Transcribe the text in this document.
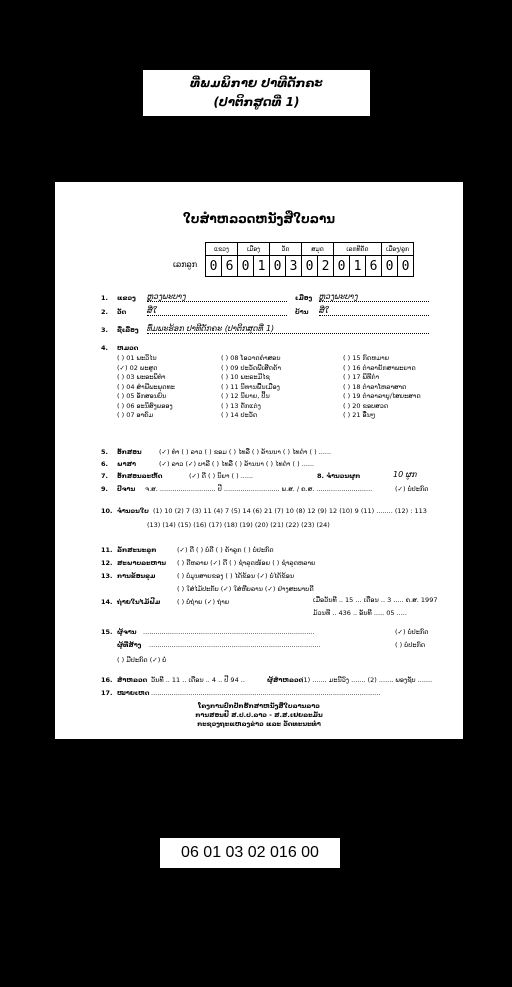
ທີ່ພມພິກາຍ ປາທີດັກຄະ
(ປາຕິກສູດທີ່ 1)
ໃບສຳຫລວດຫນັງສືໃບລານ
ເລກລູກ
ແຂວງ		ເມືອງ		ວັດ		ສມຸດ		ເລກທີດັດ			ເມື່ອງ/ລູກ	
0	6	0	1	0	3	0	2	0	1	6	0	0
1. ແຂວງ ຫຼວງພະບາງ	ເມືອງ ຫຼວງພະບາງ
2. ວັດ	ສີ່ໃ	ບ້ານ ສີ່ໃ
3. ຊື່ເລື່ອງ ທົ່ມພະຮ້ອກ ປາທີດັກຄະ (ປາຕິກສູດທີ່ 1)
4. ຫມວດ
( ) 01 ພະວິໄນ
(✓) 02 ພະສູດ
( ) 03 ພະອະພິທຳ
( ) 04 ສໍາພີພະພຸດທະ
( ) 05 ອັກສອນບົນ
( ) 06 ອະນິສົງພອອງ
( ) 07 ອາຄົມ
( ) 08 ໂອວາດຄໍາສອນ
( ) 09 ປະວັດພີເສີດຄ້າ
( ) 10 ພະຣະມີໄຊ
( ) 11 ນິທານພື້ນເມືອງ
( ) 12 ນິຍາຍ, ປິ້ນ
( ) 13 ດັກແຕ່ງ
( ) 14 ປະວັດ
( ) 15 ກົດຫມາຍ
( ) 16 ຕໍາລາຍັກສາພະຍາດ
( ) 17 ພິທີກໍາ
( ) 18 ຕໍາລາໂຫລາສາດ
( ) 19 ຕໍາລາລາບູ/ໄສຍະສາດ
( ) 20 ຂອບສວດ
( ) 21 ອື່ນໆ
5. ອັກສອນ	(✓) ທໍາ ( ) ລາວ ( ) ຂອມ ( ) ໄທລື ( ) ລ້ານນາ ( ) ໄທດໍາ ( ) ......
6. ພາສາ	(✓) ລາວ (✓) ບາລີ ( ) ໄທລື ( ) ລ້ານນາ ( ) ໄທດໍາ ( ) ......
7. ອັກສອນລະຫັດ	(✓) ດີ ( ) ນິຍາ ( ) ......	8. ຈໍານວນຜູກ	10 ຜູກ
9. ປີຈານ ຈ.ສ. ........................... ປີ ........................... ພ.ສ. / ຄ.ສ. ...........................	(✓) ບໍ່ປະກົດ
10. ຈໍານວນໃບ (1) 10 (2) 7 (3) 11 (4) 7 (5) 14 (6) 21 (7) 10 (8) 12 (9) 12 (10) 9 (11) ........ (12) : 113
(13) (14) (15) (16) (17) (18) (19) (20) (21) (22) (23) (24)
11. ລັກສະນະລູກ	(✓) ດີ ( ) ບໍ່ດີ ( ) ຄ້າລູກ ( ) ບໍ່ປະກົດ
12. ສະພາບລະຫານ ( ) ດີຫລາຍ (✓) ດີ ( ) ຊໍາລຸດໜ້ອຍ ( ) ຊໍາລຸດຫລາຍ
13. ການຂ້ອນຂຸມ	( ) ບໍ່ມູນສາຍຂອງ ( ) ໄດ້ຂ້ອນ (✓) ບໍ່ໄດ້ຂ້ອນ
( ) ໃສ່ໄມ້ປະກັບ (✓) ໃສ່ຫີບລານ (✓) ຢ່າງສະພາບດີ
14. ຖ່າຍໃນໄມ້ຟີມ	( ) ບໍ່ຖ່າຍ (✓) ຖ່າຍ	ເມື່ອວັນທີ .. 15 ... ເດືອນ .. 3 ..... ຄ.ສ. 1997
ມ້ວນທີ .. 436 .. ອັນທີ ..... 05 .....
15. ຜູ້ຈານ ...................................................................................	(✓) ບໍ່ປະກົດ
ຜູ້ທີ່ສ້າງ ...................................................................................	( ) ບໍ່ປະກົດ
( ) ມີປະກົດ (✓) ບໍ່
16. ສໍາຫລວດ ວັນທີ .. 11 .. ເດືອນ .. 4 .. ປີ 94 ..	ຜູ້ສໍາຫລວດ
(1) ....... ມະນີວົງ ....... (2) ....... ພອງຊັບ .......
17. ໝາຍເຫດ ...............................................................................................................
ໂຄງການປົກປັກຮັກສາຫນັງສືໃບລານລາວ
ການສອນຢີ ສ.ປ.ປ.ລາວ - ສ.ສ.ເຢຍລະມັນ
ກະຊວງຖະແຫລງຂ່າວ ແລະ ວັດທະນະທໍາ
06 01 03 02 016 00
